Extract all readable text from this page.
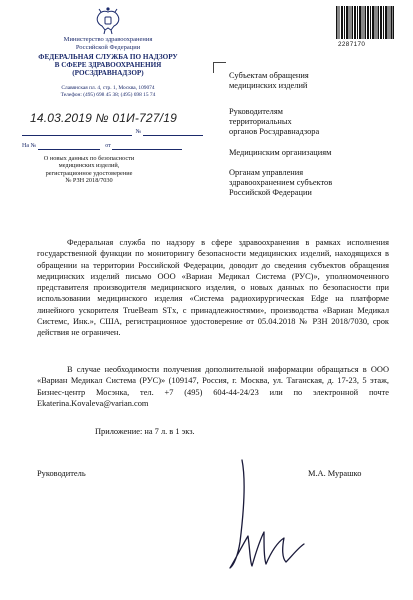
Министерство здравоохранения
Российской Федерации
ФЕДЕРАЛЬНАЯ СЛУЖБА ПО НАДЗОРУ
В СФЕРЕ ЗДРАВООХРАНЕНИЯ
(РОСЗДРАВНАДЗОР)
Славянская пл. 4, стр. 1, Москва, 109074
Телефон: (495) 698 45 38; (495) 698 15 74
14.03.2019 № 01И-727/19
№
На №	от
О новых данных по безопасности
медицинских изделий,
регистрационное удостоверение
№ РЗН 2018/7030
2287170
Субъектам обращения
медицинских изделий
Руководителям
территориальных
органов Росздравнадзора
Медицинским организациям
Органам управления
здравоохранением субъектов
Российской Федерации

Федеральная служба по надзору в сфере здравоохранения в рамках исполнения государственной функции по мониторингу безопасности медицинских изделий, находящихся в обращении на территории Российской Федерации, доводит до сведения субъектов обращения медицинских изделий письмо ООО «Вариан Медикал Система (РУС)», уполномоченного представителя производителя медицинского изделия, о новых данных по безопасности при использовании медицинского изделия «Система радиохирургическая Edge на платформе линейного ускорителя TrueBeam STx, с принадлежностями», производства «Вариан Медикал Системс, Инк.», США, регистрационное удостоверение от 05.04.2018 № РЗН 2018/7030, срок действия не ограничен.

В случае необходимости получения дополнительной информации обращаться в ООО «Вариан Медикал Система (РУС)» (109147, Россия, г. Москва, ул. Таганская, д. 17-23, 5 этаж, Бизнес-центр Мосэнка, тел. +7 (495) 604-44-24/23 или по электронной почте Ekaterina.Kovaleva@varian.com

Приложение: на 7 л. в 1 экз.
Руководитель	М.А. Мурашко
